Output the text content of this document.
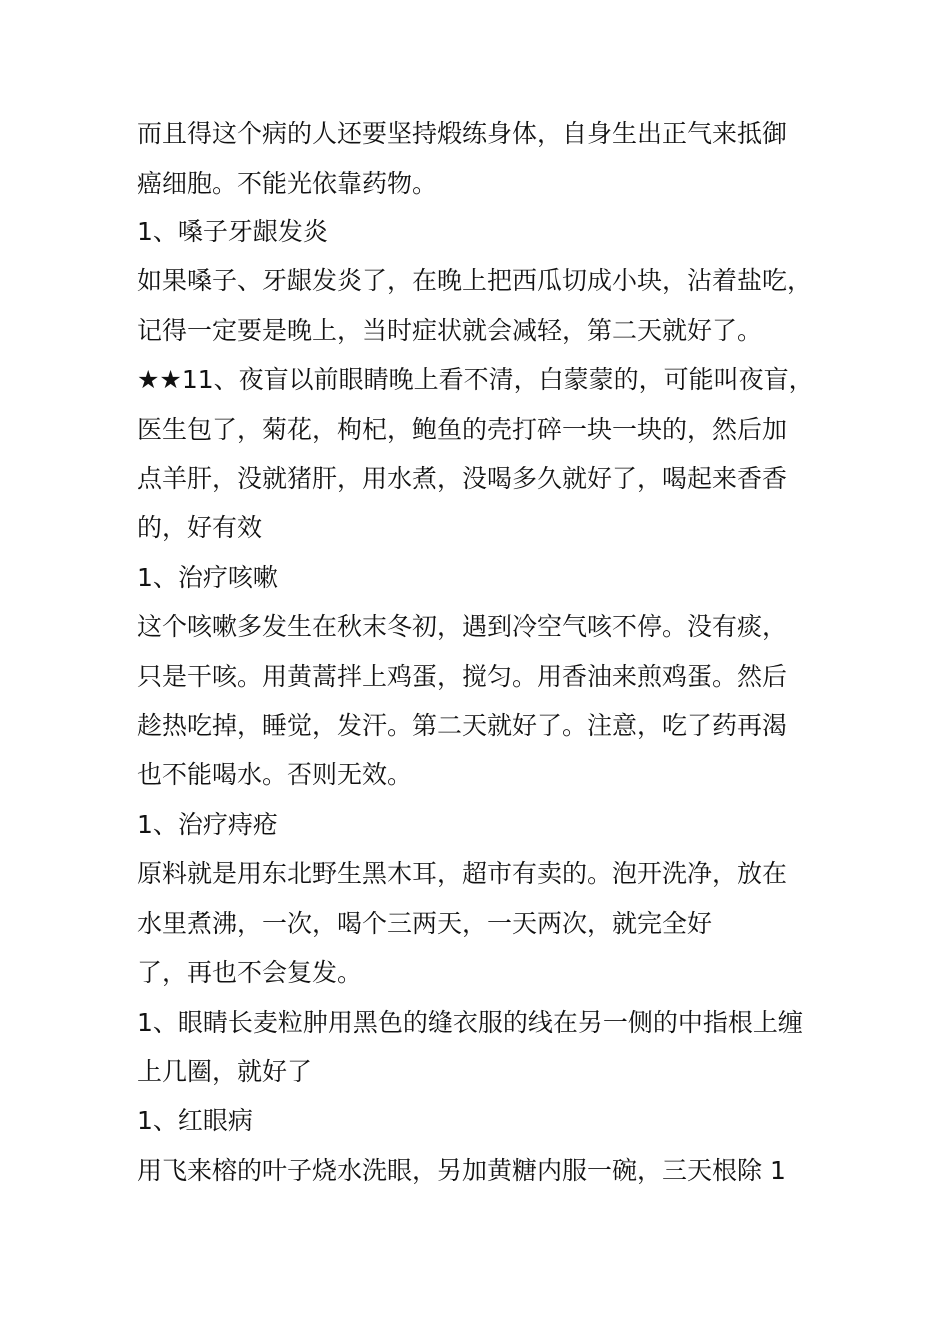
而且得这个病的人还要坚持煅练身体，自身生出正气来抵御
癌细胞。不能光依靠药物。
1、嗓子牙龈发炎
如果嗓子、牙龈发炎了，在晚上把西瓜切成小块，沾着盐吃，
记得一定要是晚上，当时症状就会减轻，第二天就好了。
★★11、夜盲以前眼睛晚上看不清，白蒙蒙的，可能叫夜盲，
医生包了，菊花，枸杞，鲍鱼的壳打碎一块一块的，然后加
点羊肝，没就猪肝，用水煮，没喝多久就好了，喝起来香香
的，好有效
1、治疗咳嗽
这个咳嗽多发生在秋末冬初，遇到冷空气咳不停。没有痰，
只是干咳。用黄蒿拌上鸡蛋，搅匀。用香油来煎鸡蛋。然后
趁热吃掉，睡觉，发汗。第二天就好了。注意，吃了药再渴
也不能喝水。否则无效。
1、治疗痔疮
原料就是用东北野生黑木耳，超市有卖的。泡开洗净，放在
水里煮沸，一次，喝个三两天，一天两次，就完全好
了，再也不会复发。
1、眼睛长麦粒肿用黑色的缝衣服的线在另一侧的中指根上缠
上几圈，就好了
1、红眼病
用飞来榕的叶子烧水洗眼，另加黄糖内服一碗，三天根除 1
